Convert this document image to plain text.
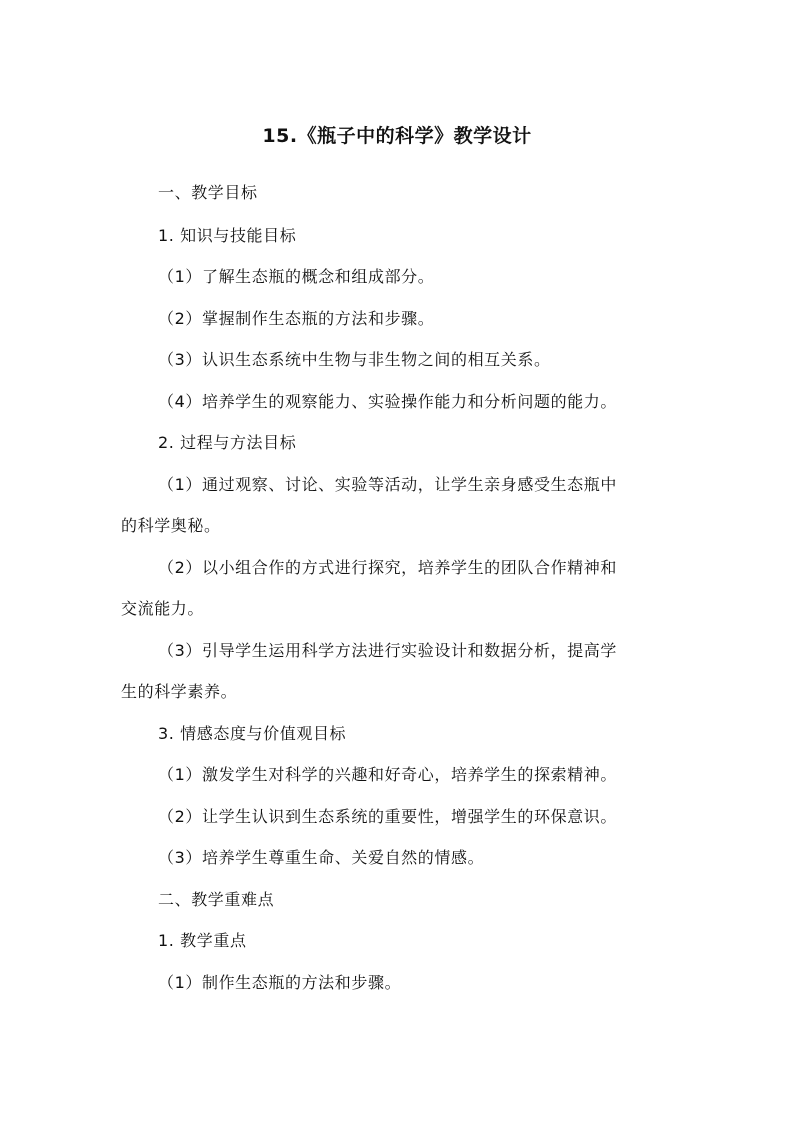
15.《瓶子中的科学》教学设计
一、教学目标
1. 知识与技能目标
（1）了解生态瓶的概念和组成部分。
（2）掌握制作生态瓶的方法和步骤。
（3）认识生态系统中生物与非生物之间的相互关系。
（4）培养学生的观察能力、实验操作能力和分析问题的能力。
2. 过程与方法目标
（1）通过观察、讨论、实验等活动，让学生亲身感受生态瓶中
的科学奥秘。
（2）以小组合作的方式进行探究，培养学生的团队合作精神和
交流能力。
（3）引导学生运用科学方法进行实验设计和数据分析，提高学
生的科学素养。
3. 情感态度与价值观目标
（1）激发学生对科学的兴趣和好奇心，培养学生的探索精神。
（2）让学生认识到生态系统的重要性，增强学生的环保意识。
（3）培养学生尊重生命、关爱自然的情感。
二、教学重难点
1. 教学重点
（1）制作生态瓶的方法和步骤。
